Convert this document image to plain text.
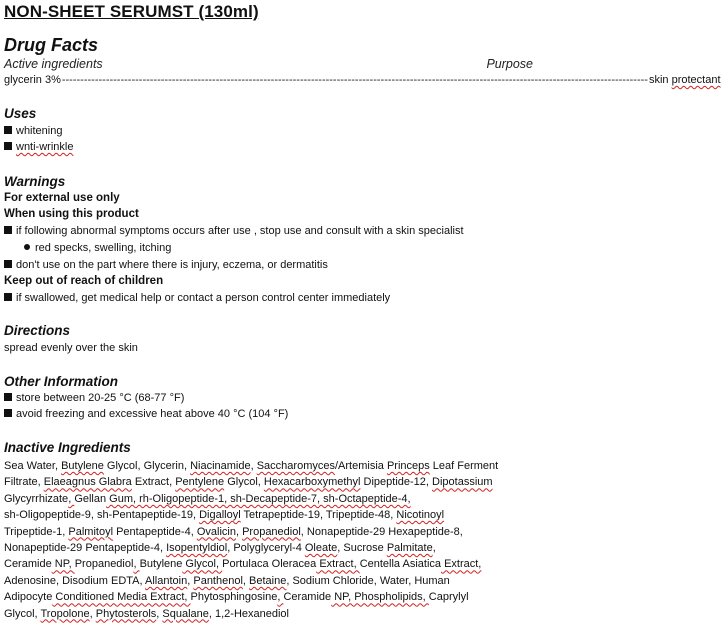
NON-SHEET SERUMST (130ml)
Drug Facts
Active ingredients	Purpose
glycerin 3% ---------------------------------------------------------------------------------------------------------------------------------------------------------------- skin protectant
Uses
whitening
wnti-wrinkle
Warnings
For external use only
When using this product
if following abnormal symptoms occurs after use , stop use and consult with a skin specialist
red specks, swelling, itching
don't use on the part where there is injury, eczema, or dermatitis
Keep out of reach of children
if swallowed, get medical help or contact a person control center immediately
Directions
spread evenly over the skin
Other Information
store between 20-25 °C (68-77 °F)
avoid freezing and excessive heat above 40 °C (104 °F)
Inactive Ingredients
Sea Water, Butylene Glycol, Glycerin, Niacinamide, Saccharomyces/Artemisia Princeps Leaf Ferment
Filtrate, Elaeagnus Glabra Extract, Pentylene Glycol, Hexacarboxymethyl Dipeptide-12, Dipotassium
Glycyrrhizate, Gellan Gum, rh-Oligopeptide-1, sh-Decapeptide-7, sh-Octapeptide-4,
sh-Oligopeptide-9, sh-Pentapeptide-19, Digalloyl Tetrapeptide-19, Tripeptide-48, Nicotinoyl
Tripeptide-1, Palmitoyl Pentapeptide-4, Ovalicin, Propanediol, Nonapeptide-29 Hexapeptide-8,
Nonapeptide-29 Pentapeptide-4, Isopentyldiol, Polyglyceryl-4 Oleate, Sucrose Palmitate,
Ceramide NP, Propanediol, Butylene Glycol, Portulaca Oleracea Extract, Centella Asiatica Extract,
Adenosine, Disodium EDTA, Allantoin, Panthenol, Betaine, Sodium Chloride, Water, Human
Adipocyte Conditioned Media Extract, Phytosphingosine, Ceramide NP, Phospholipids, Caprylyl
Glycol, Tropolone, Phytosterols, Squalane, 1,2-Hexanediol
